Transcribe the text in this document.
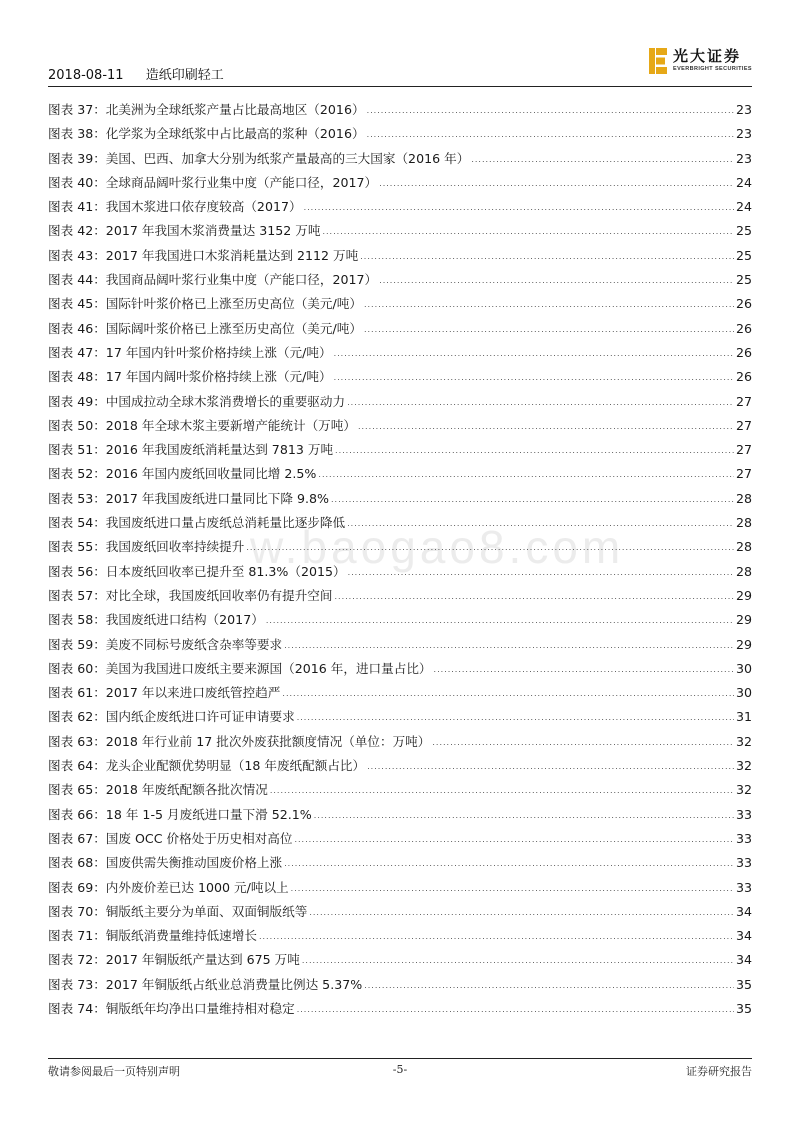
2018-08-11 造纸印刷轻工
光大证券
EVERBRIGHT SECURITIES
w.baogao8.com
图表 37：北美洲为全球纸浆产量占比最高地区（2016） .....	23
图表 38：化学浆为全球纸浆中占比最高的浆种（2016） .....	23
图表 39：美国、巴西、加拿大分别为纸浆产量最高的三大国家（2016 年） .....	23
图表 40：全球商品阔叶浆行业集中度（产能口径，2017） .....	24
图表 41：我国木浆进口依存度较高（2017） .....	24
图表 42：2017 年我国木浆消费量达 3152 万吨 .....	25
图表 43：2017 年我国进口木浆消耗量达到 2112 万吨 .....	25
图表 44：我国商品阔叶浆行业集中度（产能口径，2017） .....	25
图表 45：国际针叶浆价格已上涨至历史高位（美元/吨） .....	26
图表 46：国际阔叶浆价格已上涨至历史高位（美元/吨） .....	26
图表 47：17 年国内针叶浆价格持续上涨（元/吨） .....	26
图表 48：17 年国内阔叶浆价格持续上涨（元/吨） .....	26
图表 49：中国成拉动全球木浆消费增长的重要驱动力 .....	27
图表 50：2018 年全球木浆主要新增产能统计（万吨） .....	27
图表 51：2016 年我国废纸消耗量达到 7813 万吨 .....	27
图表 52：2016 年国内废纸回收量同比增 2.5% .....	27
图表 53：2017 年我国废纸进口量同比下降 9.8% .....	28
图表 54：我国废纸进口量占废纸总消耗量比逐步降低 .....	28
图表 55：我国废纸回收率持续提升 .....	28
图表 56：日本废纸回收率已提升至 81.3%（2015） .....	28
图表 57：对比全球，我国废纸回收率仍有提升空间 .....	29
图表 58：我国废纸进口结构（2017） .....	29
图表 59：美废不同标号废纸含杂率等要求 .....	29
图表 60：美国为我国进口废纸主要来源国（2016 年，进口量占比） .....	30
图表 61：2017 年以来进口废纸管控趋严 .....	30
图表 62：国内纸企废纸进口许可证申请要求 .....	31
图表 63：2018 年行业前 17 批次外废获批额度情况（单位：万吨） .....	32
图表 64：龙头企业配额优势明显（18 年废纸配额占比） .....	32
图表 65：2018 年废纸配额各批次情况 .....	32
图表 66：18 年 1-5 月废纸进口量下滑 52.1% .....	33
图表 67：国废 OCC 价格处于历史相对高位 .....	33
图表 68：国废供需失衡推动国废价格上涨 .....	33
图表 69：内外废价差已达 1000 元/吨以上 .....	33
图表 70：铜版纸主要分为单面、双面铜版纸等 .....	34
图表 71：铜版纸消费量维持低速增长 .....	34
图表 72：2017 年铜版纸产量达到 675 万吨 .....	34
图表 73：2017 年铜版纸占纸业总消费量比例达 5.37% .....	35
图表 74：铜版纸年均净出口量维持相对稳定 .....	35
敬请参阅最后一页特别声明	-5-	证券研究报告
